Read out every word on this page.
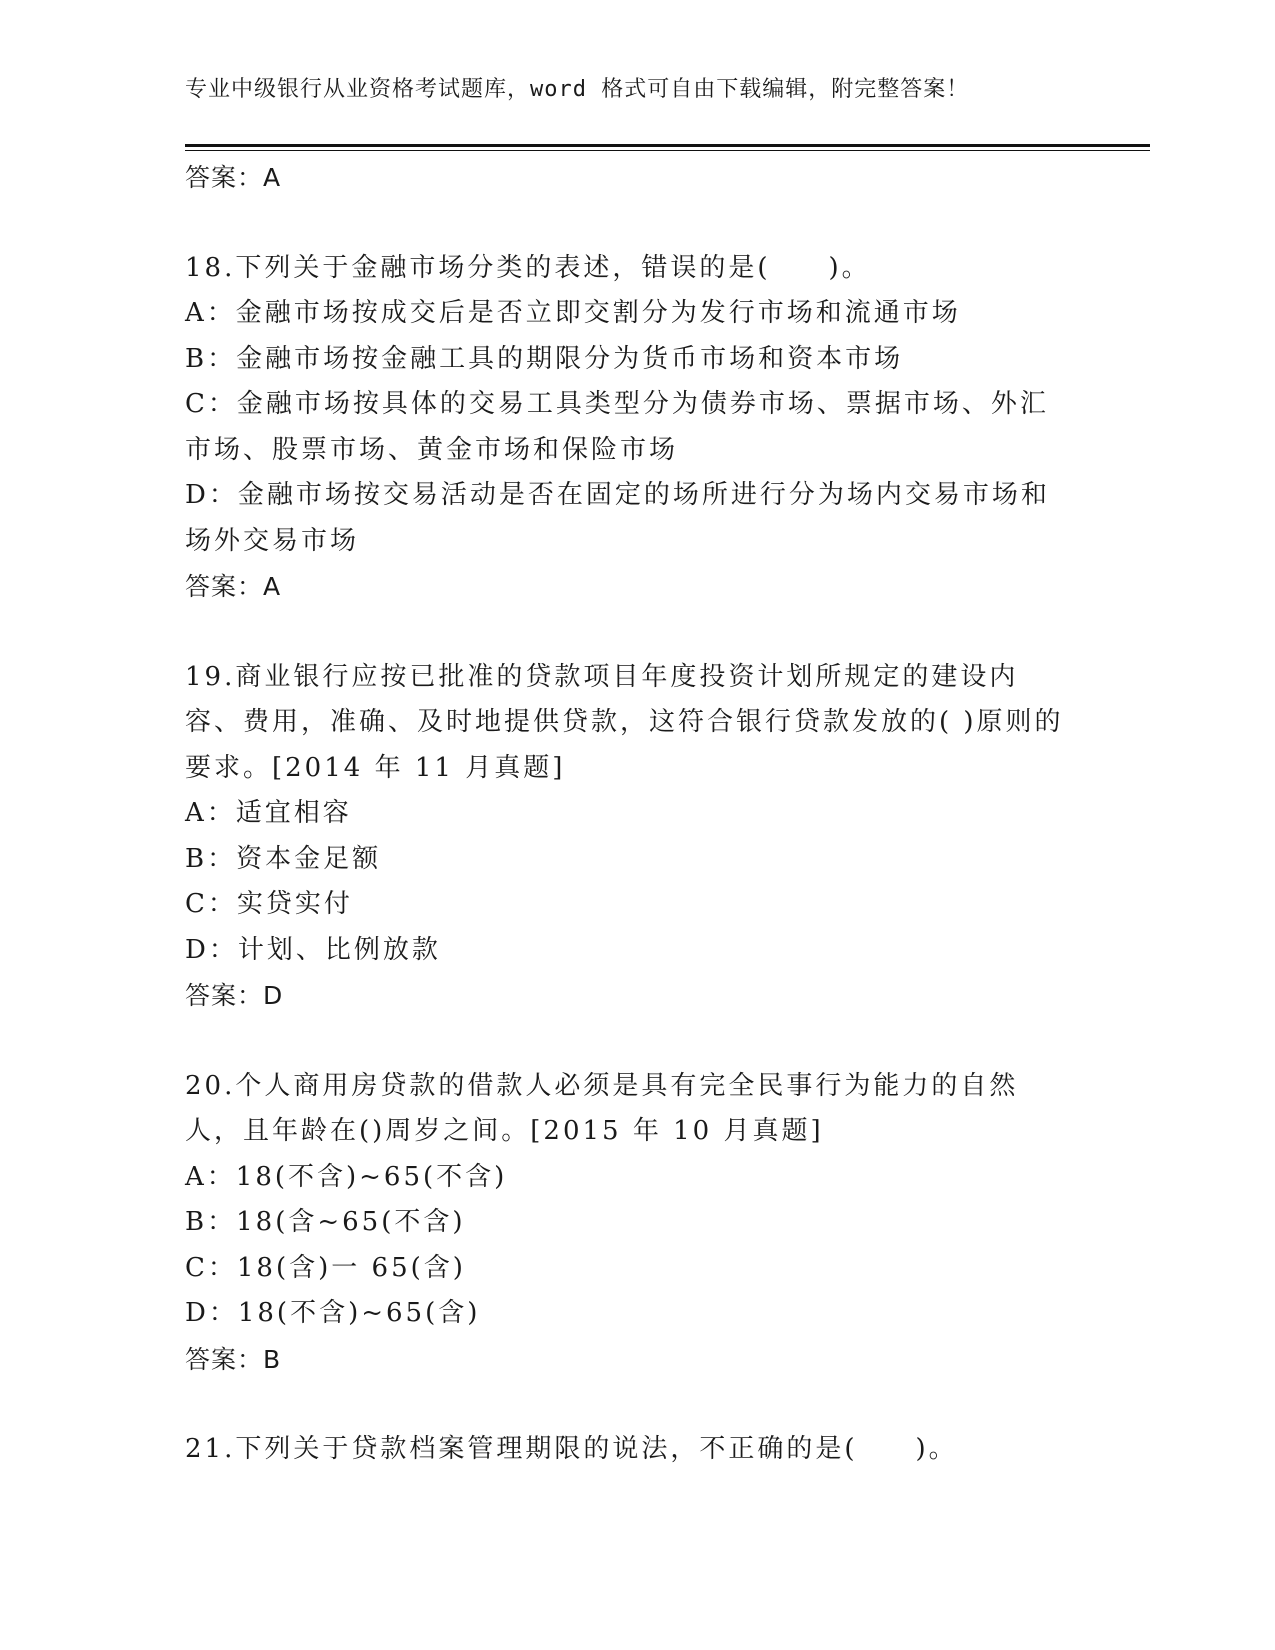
专业中级银行从业资格考试题库，word 格式可自由下载编辑，附完整答案！

答案：A

18.下列关于金融市场分类的表述，错误的是(　　)。

A：金融市场按成交后是否立即交割分为发行市场和流通市场

B：金融市场按金融工具的期限分为货币市场和资本市场

C：金融市场按具体的交易工具类型分为债券市场、票据市场、外汇市场、股票市场、黄金市场和保险市场

D：金融市场按交易活动是否在固定的场所进行分为场内交易市场和场外交易市场

答案：A

19.商业银行应按已批准的贷款项目年度投资计划所规定的建设内容、费用，准确、及时地提供贷款，这符合银行贷款发放的( )原则的要求。[2014 年 11 月真题]

A：适宜相容

B：资本金足额

C：实贷实付

D：计划、比例放款

答案：D

20.个人商用房贷款的借款人必须是具有完全民事行为能力的自然人，且年龄在()周岁之间。[2015 年 10 月真题]

A：18(不含)~65(不含)

B：18(含~65(不含)

C：18(含)一 65(含)

D：18(不含)~65(含)

答案：B

21.下列关于贷款档案管理期限的说法，不正确的是(　　)。
